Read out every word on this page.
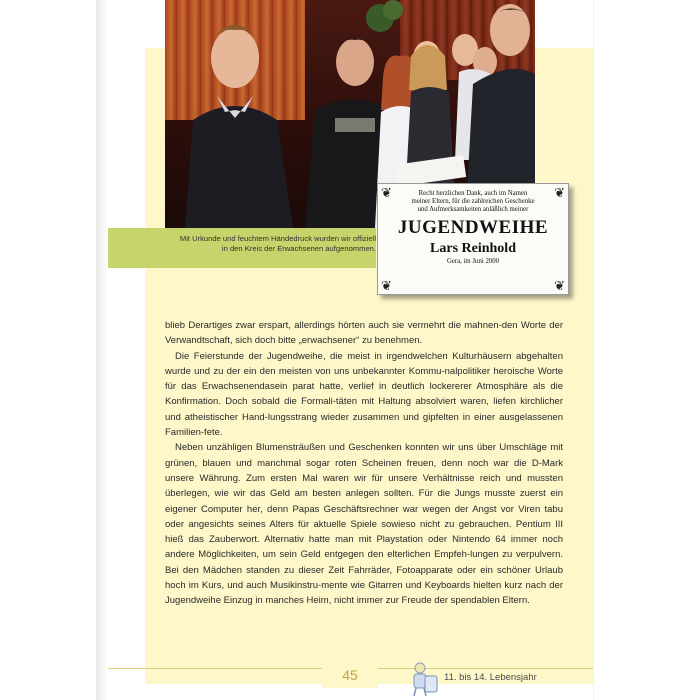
Mit Urkunde und feuchtem Händedruck wurden wir offiziell
in den Kreis der Erwachsenen aufgenommen.
❦	❦
❦	❦
Recht herzlichen Dank, auch im Namen
meiner Eltern, für die zahlreichen Geschenke
und Aufmerksamkeiten anläßlich meiner
JUGENDWEIHE
Lars Reinhold
Gera, im Juni 2000

blieb Derartiges zwar erspart, allerdings hörten auch sie vermehrt die mahnen-den Worte der Verwandtschaft, sich doch bitte „erwachsener“ zu benehmen.

Die Feierstunde der Jugendweihe, die meist in irgendwelchen Kulturhäusern abgehalten wurde und zu der ein den meisten von uns unbekannter Kommu-nalpolitiker heroische Worte für das Erwachsenendasein parat hatte, verlief in deutlich lockererer Atmosphäre als die Konfirmation. Doch sobald die Formali-täten mit Haltung absolviert waren, liefen kirchlicher und atheistischer Hand-lungsstrang wieder zusammen und gipfelten in einer ausgelassenen Familien-fete.

Neben unzähligen Blumensträußen und Geschenken konnten wir uns über Umschläge mit grünen, blauen und manchmal sogar roten Scheinen freuen, denn noch war die D-Mark unsere Währung. Zum ersten Mal waren wir für unsere Verhältnisse reich und mussten überlegen, wie wir das Geld am besten anlegen sollten. Für die Jungs musste zuerst ein eigener Computer her, denn Papas Geschäftsrechner war wegen der Angst vor Viren tabu oder angesichts seines Alters für aktuelle Spiele sowieso nicht zu gebrauchen. Pentium III hieß das Zauberwort. Alternativ hatte man mit Playstation oder Nintendo 64 immer noch andere Möglichkeiten, um sein Geld entgegen den elterlichen Empfeh-lungen zu verpulvern. Bei den Mädchen standen zu dieser Zeit Fahrräder, Fotoapparate oder ein schöner Urlaub hoch im Kurs, und auch Musikinstru-mente wie Gitarren und Keyboards hielten kurz nach der Jugendweihe Einzug in manches Heim, nicht immer zur Freude der spendablen Eltern.

45	11. bis 14. Lebensjahr
